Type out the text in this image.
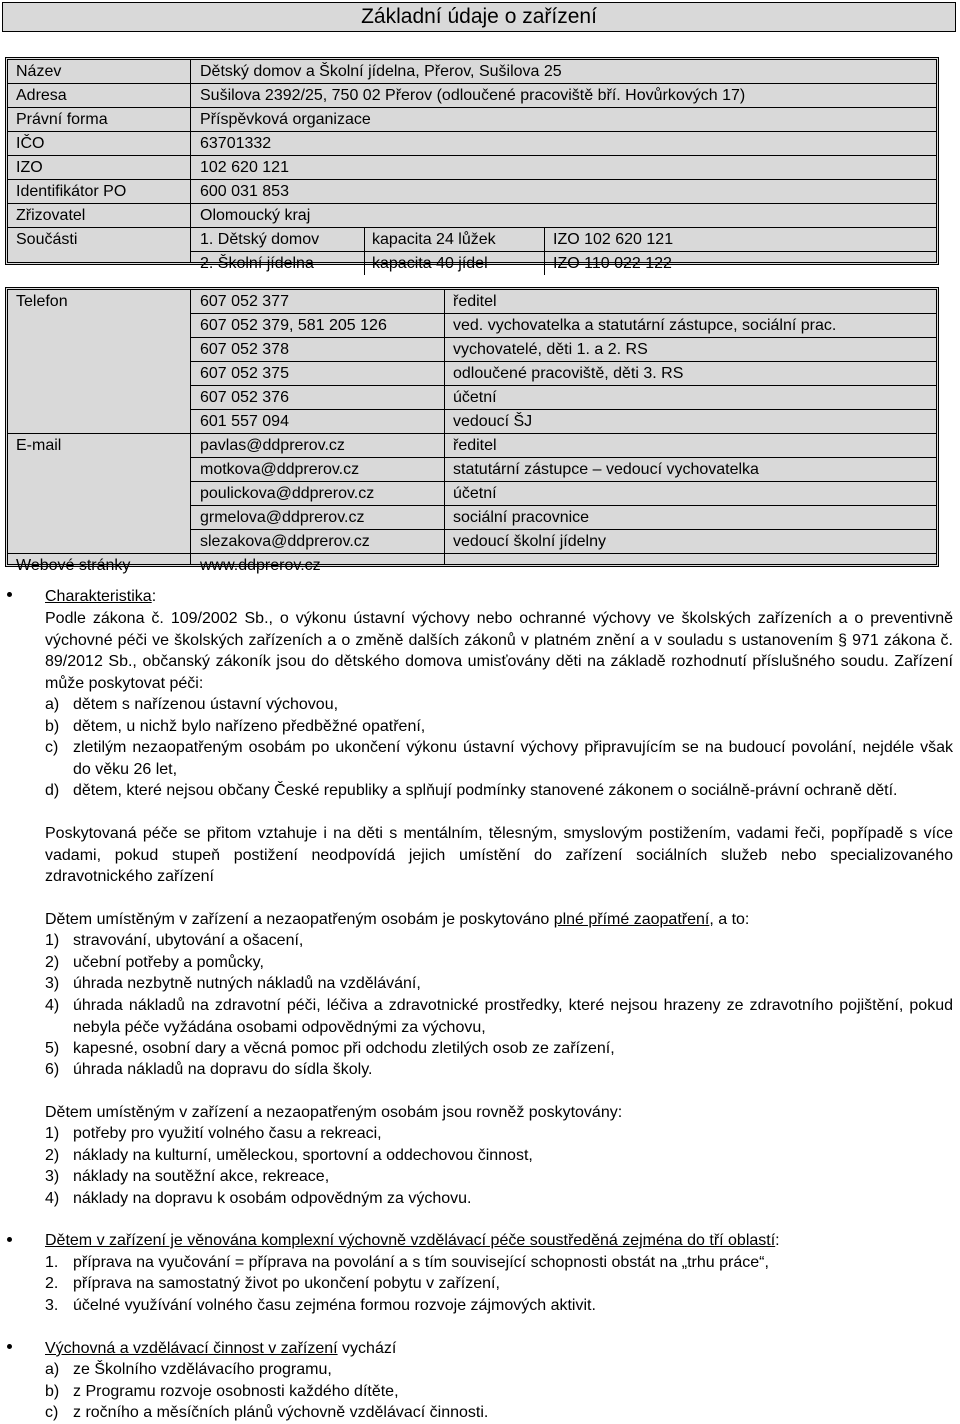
Základní údaje o zařízení
Název	Dětský domov a Školní jídelna, Přerov, Sušilova 25
Adresa	Sušilova 2392/25, 750 02 Přerov (odloučené pracoviště bří. Hovůrkových 17)
Právní forma	Příspěvková organizace
IČO	63701332
IZO	102 620 121
Identifikátor PO	600 031 853
Zřizovatel	Olomoucký kraj
Součásti	1. Dětský domov	kapacita 24 lůžek	IZO 102 620 121
2. Školní jídelna	kapacita 40 jídel	IZO 110 022 122
Telefon	607 052 377	ředitel
607 052 379, 581 205 126	ved. vychovatelka a statutární zástupce, sociální prac.
607 052 378	vychovatelé, děti 1. a 2. RS
607 052 375	odloučené pracoviště, děti 3. RS
607 052 376	účetní
601 557 094	vedoucí ŠJ
E-mail	pavlas@ddprerov.cz	ředitel
motkova@ddprerov.cz	statutární zástupce – vedoucí vychovatelka
poulickova@ddprerov.cz	účetní
grmelova@ddprerov.cz	sociální pracovnice
slezakova@ddprerov.cz	vedoucí školní jídelny
Webové stránky	www.ddprerov.cz
Charakteristika:
Podle zákona č. 109/2002 Sb., o výkonu ústavní výchovy nebo ochranné výchovy ve školských zařízeních a o preventivně výchovné péči ve školských zařízeních a o změně dalších zákonů v platném znění a v souladu s ustanovením § 971 zákona č. 89/2012 Sb., občanský zákoník jsou do dětského domova umisťovány děti na základě rozhodnutí příslušného soudu. Zařízení může poskytovat péči:
a) dětem s nařízenou ústavní výchovou,
b) dětem, u nichž bylo nařízeno předběžné opatření,
c) zletilým nezaopatřeným osobám po ukončení výkonu ústavní výchovy připravujícím se na budoucí povolání, nejdéle však do věku 26 let,
d) dětem, které nejsou občany České republiky a splňují podmínky stanovené zákonem o sociálně-právní ochraně dětí.
Poskytovaná péče se přitom vztahuje i na děti s mentálním, tělesným, smyslovým postižením, vadami řeči, popřípadě s více vadami, pokud stupeň postižení neodpovídá jejich umístění do zařízení sociálních služeb nebo specializovaného zdravotnického zařízení
Dětem umístěným v zařízení a nezaopatřeným osobám je poskytováno plné přímé zaopatření, a to:
1) stravování, ubytování a ošacení,
2) učební potřeby a pomůcky,
3) úhrada nezbytně nutných nákladů na vzdělávání,
4) úhrada nákladů na zdravotní péči, léčiva a zdravotnické prostředky, které nejsou hrazeny ze zdravotního pojištění, pokud nebyla péče vyžádána osobami odpovědnými za výchovu,
5) kapesné, osobní dary a věcná pomoc při odchodu zletilých osob ze zařízení,
6) úhrada nákladů na dopravu do sídla školy.
Dětem umístěným v zařízení a nezaopatřeným osobám jsou rovněž poskytovány:
1) potřeby pro využití volného času a rekreaci,
2) náklady na kulturní, uměleckou, sportovní a oddechovou činnost,
3) náklady na soutěžní akce, rekreace,
4) náklady na dopravu k osobám odpovědným za výchovu.
Dětem v zařízení je věnována komplexní výchovně vzdělávací péče soustředěná zejména do tří oblastí:
1. příprava na vyučování = příprava na povolání a s tím související schopnosti obstát na „trhu práce“,
2. příprava na samostatný život po ukončení pobytu v zařízení,
3. účelné využívání volného času zejména formou rozvoje zájmových aktivit.
Výchovná a vzdělávací činnost v zařízení vychází
a) ze Školního vzdělávacího programu,
b) z Programu rozvoje osobnosti každého dítěte,
c) z ročního a měsíčních plánů výchovně vzdělávací činnosti.
